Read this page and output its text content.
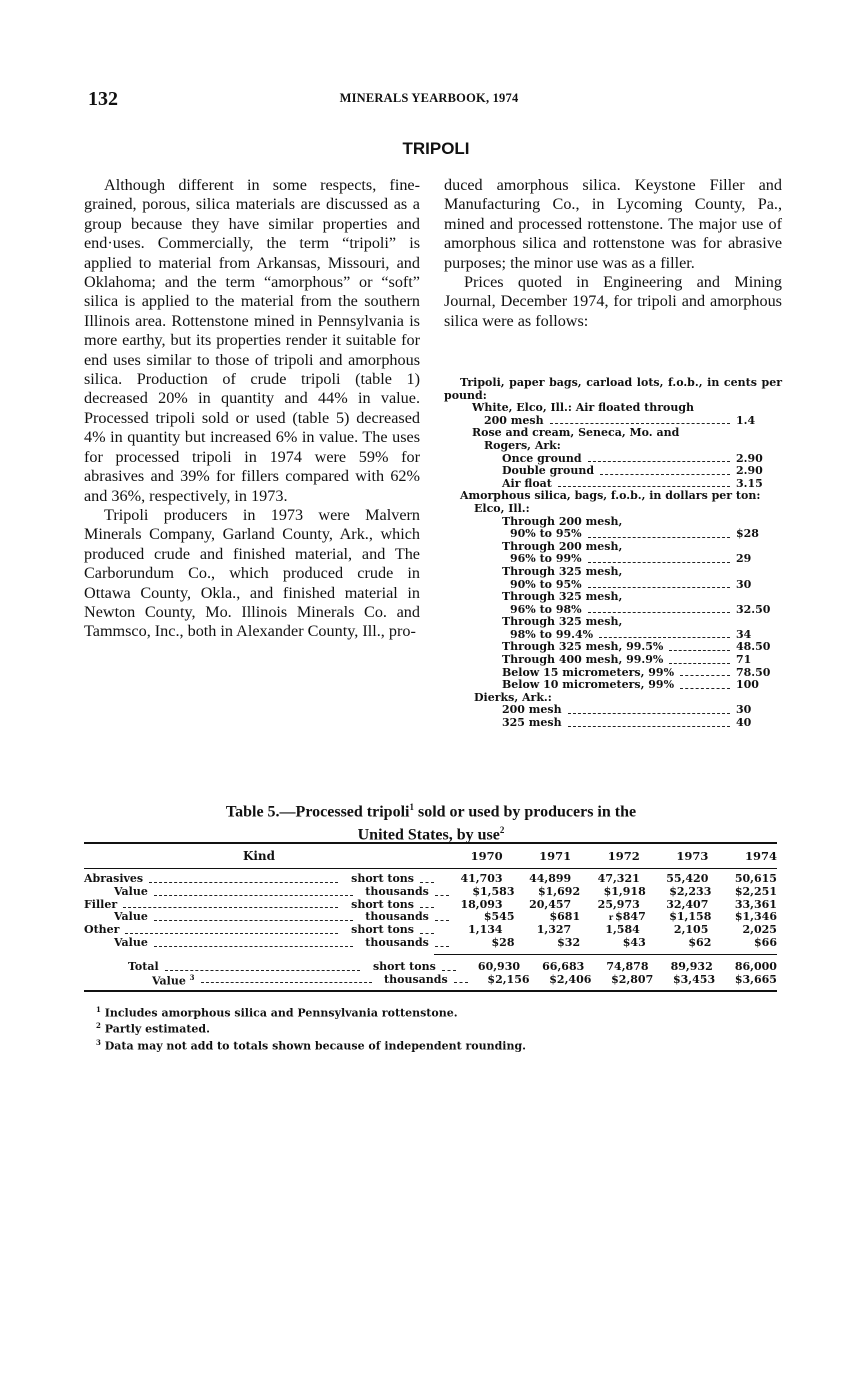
132	MINERALS YEARBOOK, 1974
TRIPOLI

Although different in some respects, fine-grained, porous, silica materials are discussed as a group because they have similar properties and end·uses. Commercially, the term “tripoli” is applied to material from Arkansas, Missouri, and Oklahoma; and the term “amorphous” or “soft” silica is applied to the material from the southern Illinois area. Rottenstone mined in Pennsylvania is more earthy, but its properties render it suitable for end uses similar to those of tripoli and amorphous silica. Production of crude tripoli (table 1) decreased 20% in quantity and 44% in value. Processed tripoli sold or used (table 5) decreased 4% in quantity but increased 6% in value. The uses for processed tripoli in 1974 were 59% for abrasives and 39% for fillers compared with 62% and 36%, respectively, in 1973.

Tripoli producers in 1973 were Malvern Minerals Company, Garland County, Ark., which produced crude and finished material, and The Carborundum Co., which produced crude in Ottawa County, Okla., and finished material in Newton County, Mo. Illinois Minerals Co. and Tammsco, Inc., both in Alexander County, Ill., pro-

duced amorphous silica. Keystone Filler and Manufacturing Co., in Lycoming County, Pa., mined and processed rottenstone. The major use of amorphous silica and rottenstone was for abrasive purposes; the minor use was as a filler.

Prices quoted in Engineering and Mining Journal, December 1974, for tripoli and amorphous silica were as follows:

Tripoli, paper bags, carload lots, f.o.b., in cents per pound:
White, Elco, Ill.: Air floated through
200 mesh	1.4
Rose and cream, Seneca, Mo. and
Rogers, Ark:
Once ground	2.90
Double ground	2.90
Air float	3.15
Amorphous silica, bags, f.o.b., in dollars per ton:
Elco, Ill.:
Through 200 mesh,
90% to 95%	$28
Through 200 mesh,
96% to 99%	29
Through 325 mesh,
90% to 95%	30
Through 325 mesh,
96% to 98%	32.50
Through 325 mesh,
98% to 99.4%	34
Through 325 mesh, 99.5%	48.50
Through 400 mesh, 99.9%	71
Below 15 micrometers, 99%	78.50
Below 10 micrometers, 99%	100
Dierks, Ark.:
200 mesh	30
325 mesh	40
Table 5.—Processed tripoli$^1$ sold or used by producers in the
United States, by use$^2$
Kind	1970	1971	1972	1973	1974
Abrasives	short tons	41,703	44,899	47,321	55,420	50,615
Value	thousands	$1,583	$1,692	$1,918	$2,233	$2,251
Filler	short tons	18,093	20,457	25,973	32,407	33,361
Value	thousands	$545	$681	$^r$ $847	$1,158	$1,346
Other	short tons	1,134	1,327	1,584	2,105	2,025
Value	thousands	$28	$32	$43	$62	$66
Total	short tons	60,930	66,683	74,878	89,932	86,000
Value $^3$	thousands	$2,156	$2,406	$2,807	$3,453	$3,665
$^1$ Includes amorphous silica and Pennsylvania rottenstone.
$^2$ Partly estimated.
$^3$ Data may not add to totals shown because of independent rounding.
